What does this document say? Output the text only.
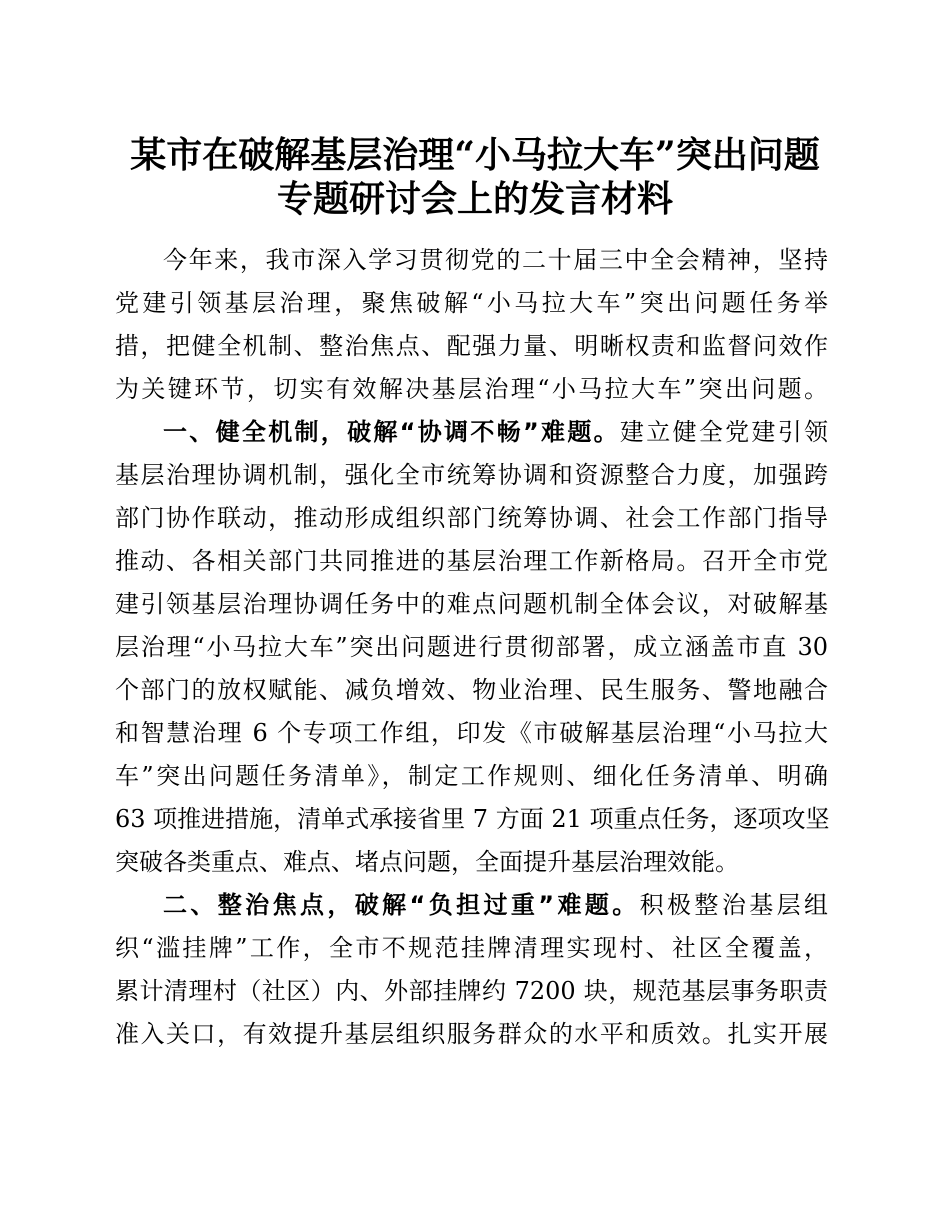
某市在破解基层治理“小马拉大车”突出问题
专题研讨会上的发言材料
今年来，我市深入学习贯彻党的二十届三中全会精神，坚持
党建引领基层治理，聚焦破解“小马拉大车”突出问题任务举
措，把健全机制、整治焦点、配强力量、明晰权责和监督问效作
为关键环节，切实有效解决基层治理“小马拉大车”突出问题。
一、健全机制，破解“协调不畅”难题。建立健全党建引领
基层治理协调机制，强化全市统筹协调和资源整合力度，加强跨
部门协作联动，推动形成组织部门统筹协调、社会工作部门指导
推动、各相关部门共同推进的基层治理工作新格局。召开全市党
建引领基层治理协调任务中的难点问题机制全体会议，对破解基
层治理“小马拉大车”突出问题进行贯彻部署，成立涵盖市直 30
个部门的放权赋能、减负增效、物业治理、民生服务、警地融合
和智慧治理 6 个专项工作组，印发《市破解基层治理“小马拉大
车”突出问题任务清单》，制定工作规则、细化任务清单、明确
63 项推进措施，清单式承接省里 7 方面 21 项重点任务，逐项攻坚
突破各类重点、难点、堵点问题，全面提升基层治理效能。
二、整治焦点，破解“负担过重”难题。积极整治基层组
织“滥挂牌”工作，全市不规范挂牌清理实现村、社区全覆盖，
累计清理村（社区）内、外部挂牌约 7200 块，规范基层事务职责
准入关口，有效提升基层组织服务群众的水平和质效。扎实开展
